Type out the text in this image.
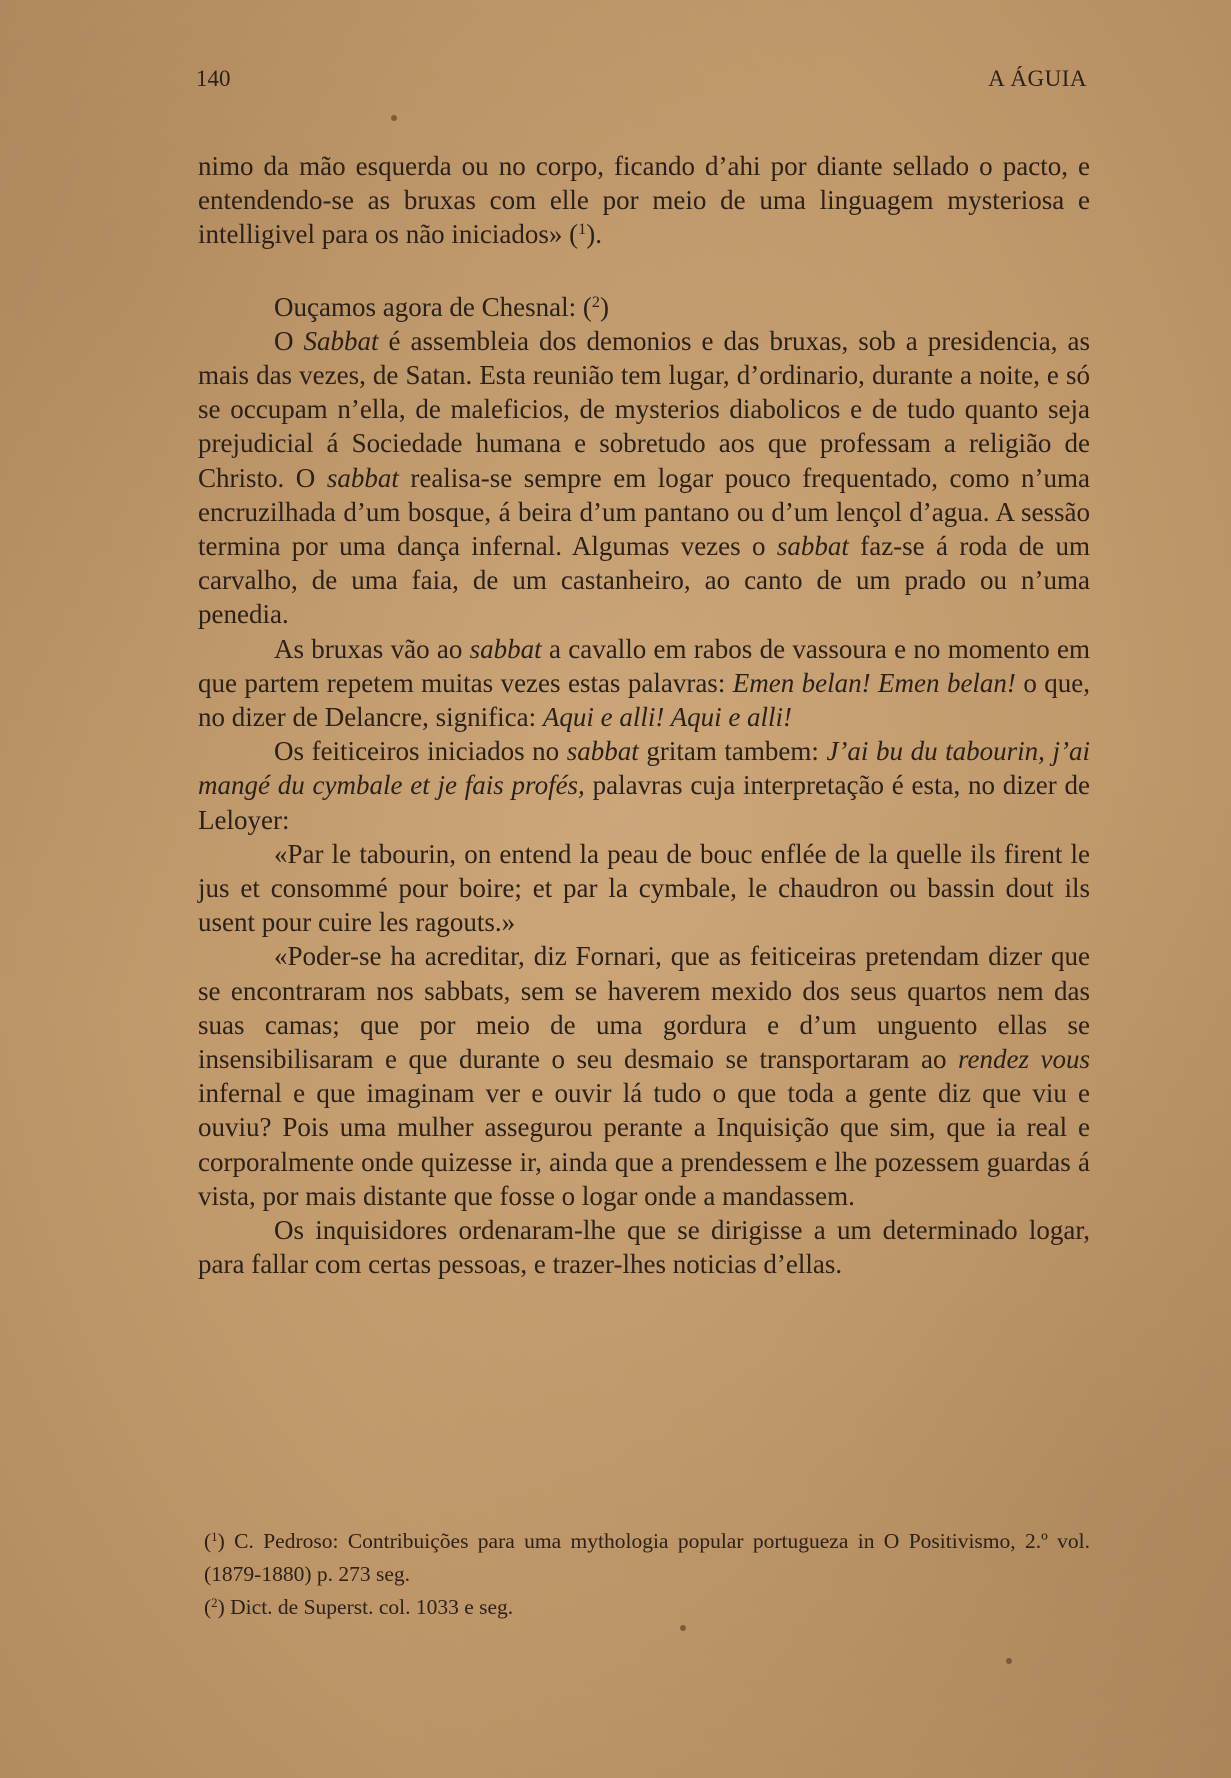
140	A ÁGUIA

nimo da mão esquerda ou no corpo, ficando d’ahi por diante sellado o pacto, e entendendo-se as bruxas com elle por meio de uma linguagem mysteriosa e intelligivel para os não iniciados» ($^1$).

Ouçamos agora de Chesnal: ($^2$)

O Sabbat é assembleia dos demonios e das bruxas, sob a presidencia, as mais das vezes, de Satan. Esta reunião tem lugar, d’ordinario, durante a noite, e só se occupam n’ella, de maleficios, de mysterios diabolicos e de tudo quanto seja prejudicial á Sociedade humana e sobretudo aos que professam a religião de Christo. O sabbat realisa-se sempre em logar pouco frequentado, como n’uma encruzilhada d’um bosque, á beira d’um pantano ou d’um lençol d’agua. A sessão termina por uma dança infernal. Algumas vezes o sabbat faz-se á roda de um carvalho, de uma faia, de um castanheiro, ao canto de um prado ou n’uma penedia.

As bruxas vão ao sabbat a cavallo em rabos de vassoura e no momento em que partem repetem muitas vezes estas palavras: Emen belan! Emen belan! o que, no dizer de Delancre, significa: Aqui e alli! Aqui e alli!

Os feiticeiros iniciados no sabbat gritam tambem: J’ai bu du tabourin, j’ai mangé du cymbale et je fais profés, palavras cuja interpretação é esta, no dizer de Leloyer:

«Par le tabourin, on entend la peau de bouc enflée de la quelle ils firent le jus et consommé pour boire; et par la cymbale, le chaudron ou bassin dout ils usent pour cuire les ragouts.»

«Poder-se ha acreditar, diz Fornari, que as feiticeiras pretendam dizer que se encontraram nos sabbats, sem se haverem mexido dos seus quartos nem das suas camas; que por meio de uma gordura e d’um unguento ellas se insensibilisaram e que durante o seu desmaio se transportaram ao rendez vous infernal e que imaginam ver e ouvir lá tudo o que toda a gente diz que viu e ouviu? Pois uma mulher assegurou perante a Inquisição que sim, que ia real e corporalmente onde quizesse ir, ainda que a prendessem e lhe pozessem guardas á vista, por mais distante que fosse o logar onde a mandassem.

Os inquisidores ordenaram-lhe que se dirigisse a um determinado logar, para fallar com certas pessoas, e trazer-lhes noticias d’ellas.

($^1$) C. Pedroso: Contribuições para uma mythologia popular portugueza in O Positivismo, 2.º vol. (1879-1880) p. 273 seg.

($^2$) Dict. de Superst. col. 1033 e seg.
